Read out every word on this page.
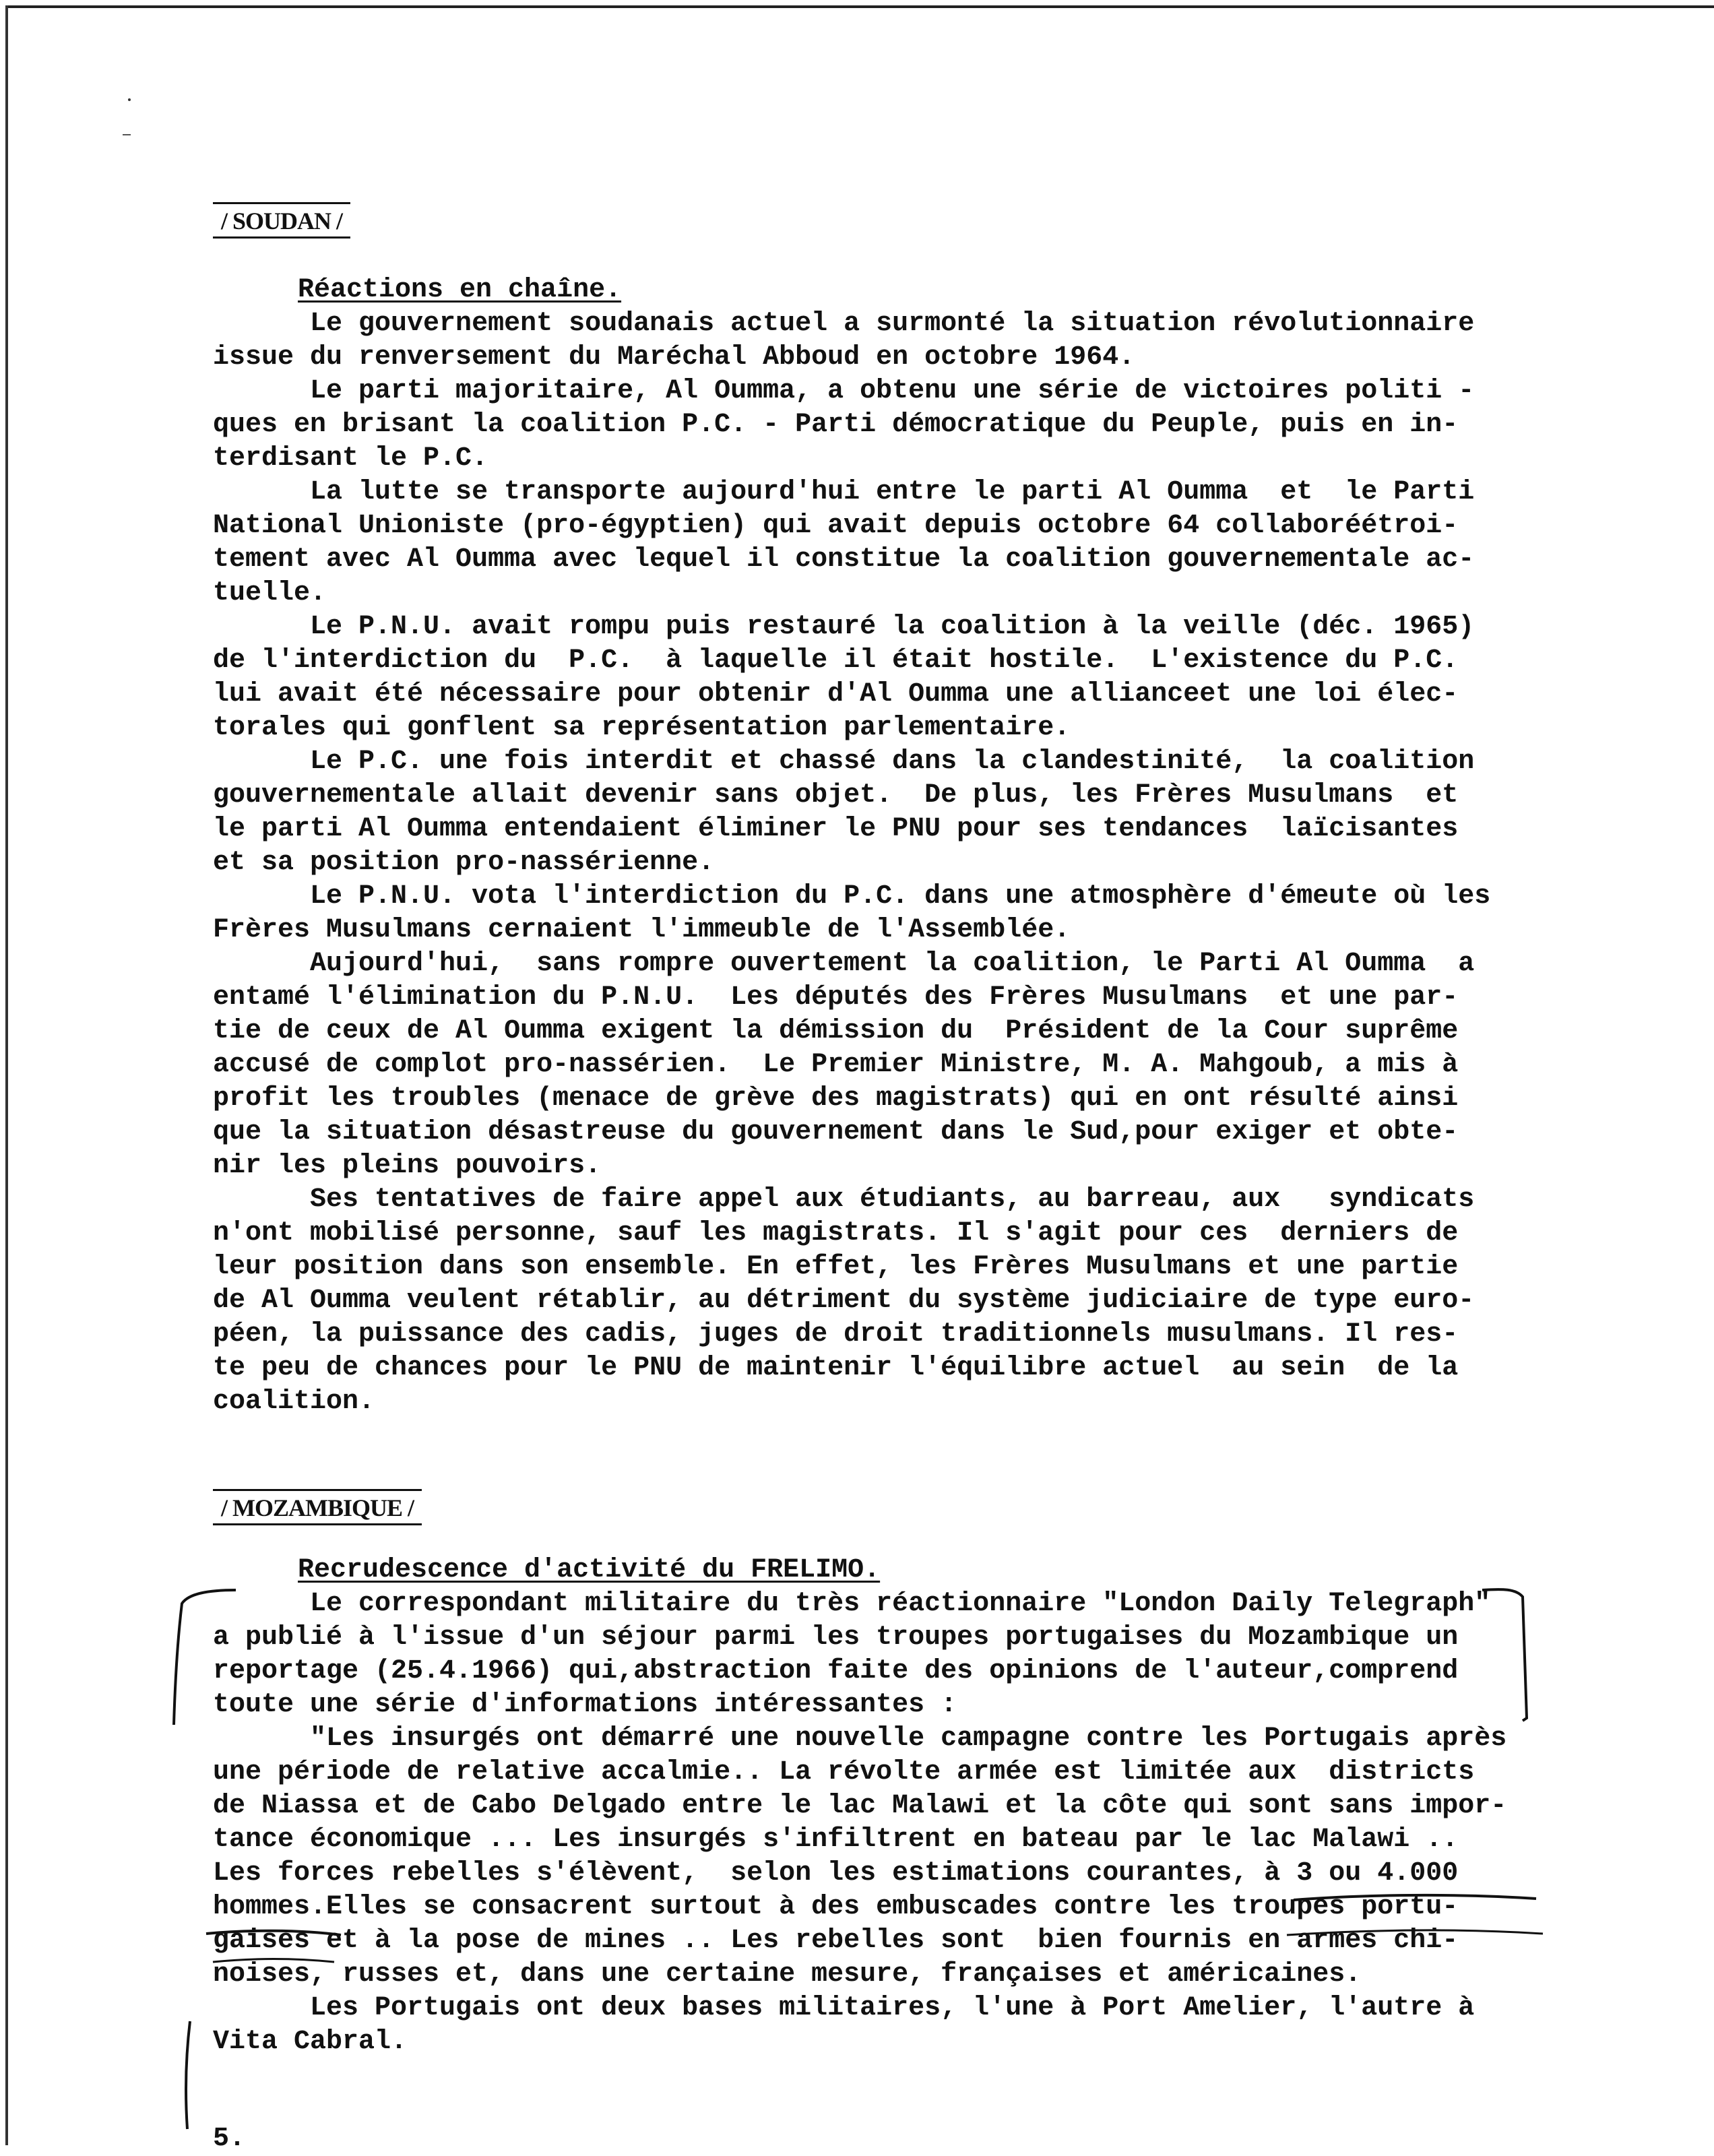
/ SOUDAN /
Réactions en chaîne.
Le gouvernement soudanais actuel a surmonté la situation révolutionnaire
issue du renversement du Maréchal Abboud en octobre 1964.
Le parti majoritaire, Al Oumma, a obtenu une série de victoires politi -
ques en brisant la coalition P.C. - Parti démocratique du Peuple, puis en in-
terdisant le P.C.
La lutte se transporte aujourd'hui entre le parti Al Oumma  et  le Parti
National Unioniste (pro-égyptien) qui avait depuis octobre 64 collaboréétroi-
tement avec Al Oumma avec lequel il constitue la coalition gouvernementale ac-
tuelle.
Le P.N.U. avait rompu puis restauré la coalition à la veille (déc. 1965)
de l'interdiction du  P.C.  à laquelle il était hostile.  L'existence du P.C.
lui avait été nécessaire pour obtenir d'Al Oumma une allianceet une loi élec-
torales qui gonflent sa représentation parlementaire.
Le P.C. une fois interdit et chassé dans la clandestinité,  la coalition
gouvernementale allait devenir sans objet.  De plus, les Frères Musulmans  et
le parti Al Oumma entendaient éliminer le PNU pour ses tendances  laïcisantes
et sa position pro-nassérienne.
Le P.N.U. vota l'interdiction du P.C. dans une atmosphère d'émeute où les
Frères Musulmans cernaient l'immeuble de l'Assemblée.
Aujourd'hui,  sans rompre ouvertement la coalition, le Parti Al Oumma  a
entamé l'élimination du P.N.U.  Les députés des Frères Musulmans  et une par-
tie de ceux de Al Oumma exigent la démission du  Président de la Cour suprême
accusé de complot pro-nassérien.  Le Premier Ministre, M. A. Mahgoub, a mis à
profit les troubles (menace de grève des magistrats) qui en ont résulté ainsi
que la situation désastreuse du gouvernement dans le Sud,pour exiger et obte-
nir les pleins pouvoirs.
Ses tentatives de faire appel aux étudiants, au barreau, aux   syndicats
n'ont mobilisé personne, sauf les magistrats. Il s'agit pour ces  derniers de
leur position dans son ensemble. En effet, les Frères Musulmans et une partie
de Al Oumma veulent rétablir, au détriment du système judiciaire de type euro-
péen, la puissance des cadis, juges de droit traditionnels musulmans. Il res-
te peu de chances pour le PNU de maintenir l'équilibre actuel  au sein  de la
coalition.
/ MOZAMBIQUE /
Recrudescence d'activité du FRELIMO.
Le correspondant militaire du très réactionnaire "London Daily Telegraph"
a publié à l'issue d'un séjour parmi les troupes portugaises du Mozambique un
reportage (25.4.1966) qui,abstraction faite des opinions de l'auteur,comprend
toute une série d'informations intéressantes :
"Les insurgés ont démarré une nouvelle campagne contre les Portugais après
une période de relative accalmie.. La révolte armée est limitée aux  districts
de Niassa et de Cabo Delgado entre le lac Malawi et la côte qui sont sans impor-
tance économique ... Les insurgés s'infiltrent en bateau par le lac Malawi ..
Les forces rebelles s'élèvent,  selon les estimations courantes, à 3 ou 4.000
hommes.Elles se consacrent surtout à des embuscades contre les troupes portu-
gaises et à la pose de mines .. Les rebelles sont  bien fournis en armes chi-
noises, russes et, dans une certaine mesure, françaises et américaines.
Les Portugais ont deux bases militaires, l'une à Port Amelier, l'autre à
Vita Cabral.
5.
